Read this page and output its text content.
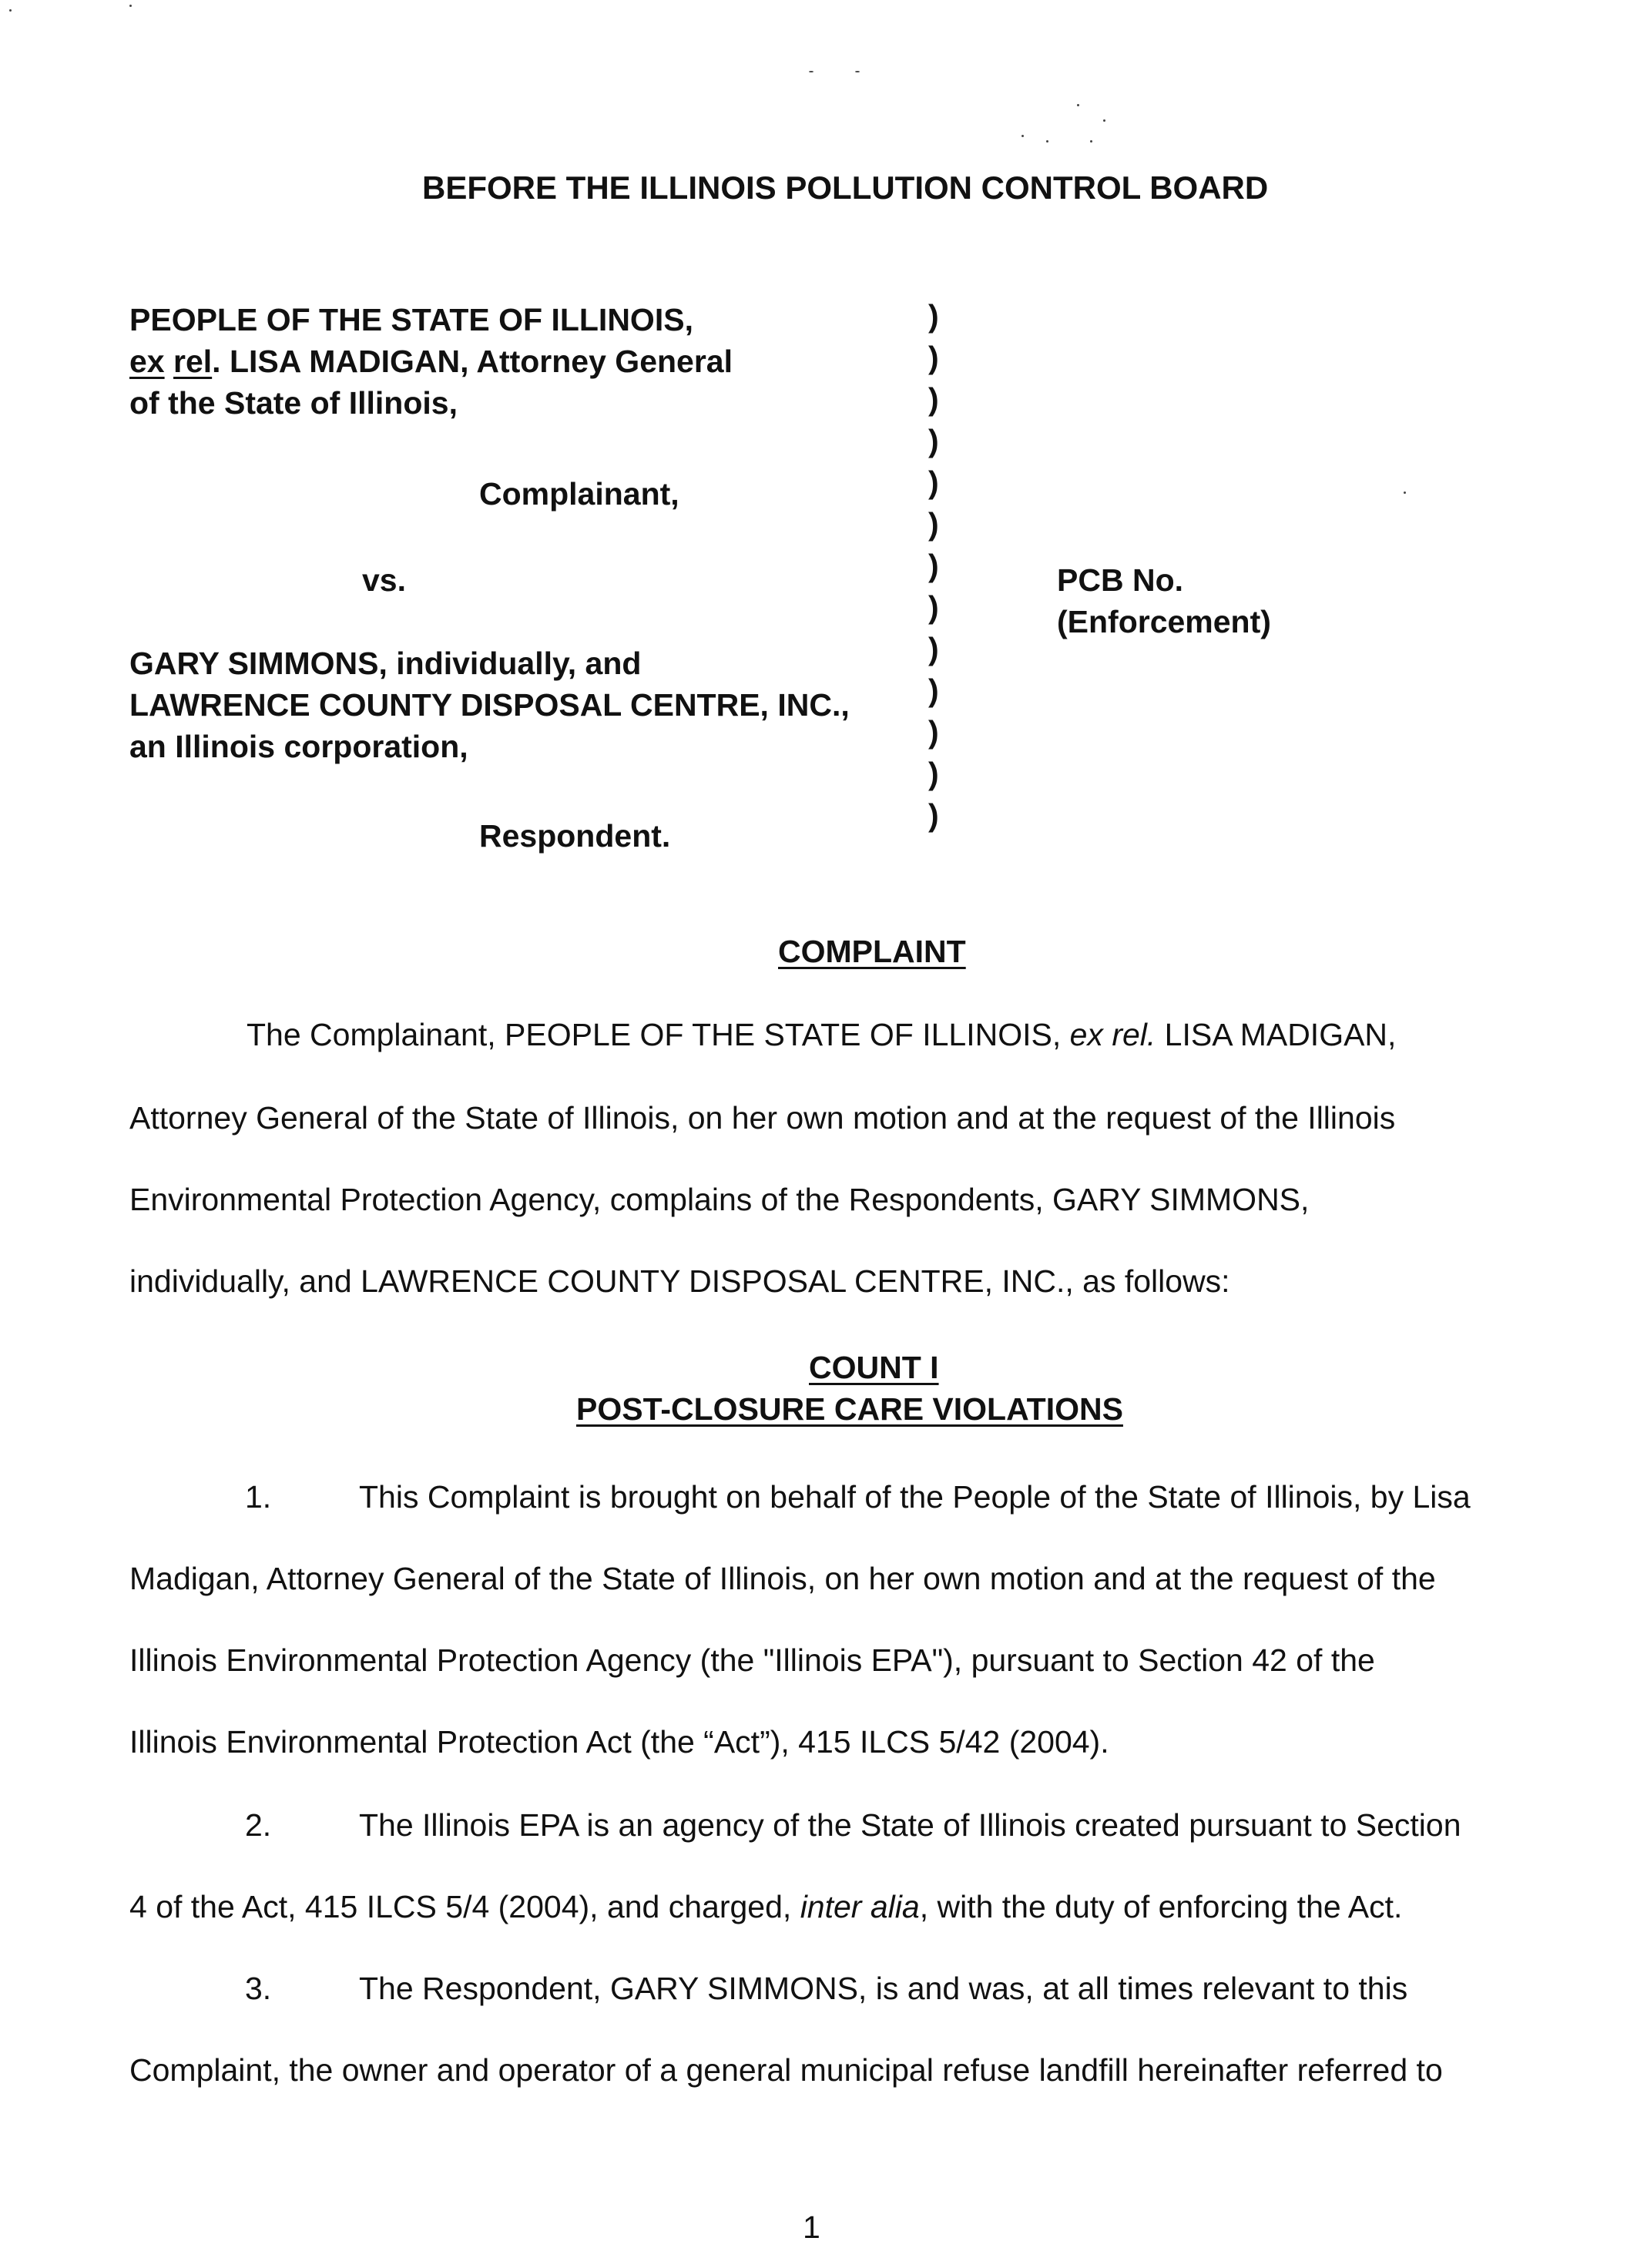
BEFORE THE ILLINOIS POLLUTION CONTROL BOARD
PEOPLE OF THE STATE OF ILLINOIS,
ex rel. LISA MADIGAN, Attorney General
of the State of Illinois,
Complainant,
vs.
GARY SIMMONS, individually, and
LAWRENCE COUNTY DISPOSAL CENTRE, INC.,
an Illinois corporation,
Respondent.
)
)
)
)
)
)
)
)
)
)
)
)
)
PCB No.
(Enforcement)
COMPLAINT
The Complainant, PEOPLE OF THE STATE OF ILLINOIS, ex rel. LISA MADIGAN,
Attorney General of the State of Illinois, on her own motion and at the request of the Illinois
Environmental Protection Agency, complains of the Respondents, GARY SIMMONS,
individually, and LAWRENCE COUNTY DISPOSAL CENTRE, INC., as follows:
COUNT I
POST-CLOSURE CARE VIOLATIONS
1.	This Complaint is brought on behalf of the People of the State of Illinois, by Lisa
Madigan, Attorney General of the State of Illinois, on her own motion and at the request of the
Illinois Environmental Protection Agency (the "Illinois EPA"), pursuant to Section 42 of the
Illinois Environmental Protection Act (the “Act”), 415 ILCS 5/42 (2004).
2.	The Illinois EPA is an agency of the State of Illinois created pursuant to Section
4 of the Act, 415 ILCS 5/4 (2004), and charged, inter alia, with the duty of enforcing the Act.
3.	The Respondent, GARY SIMMONS, is and was, at all times relevant to this
Complaint, the owner and operator of a general municipal refuse landfill hereinafter referred to
1
